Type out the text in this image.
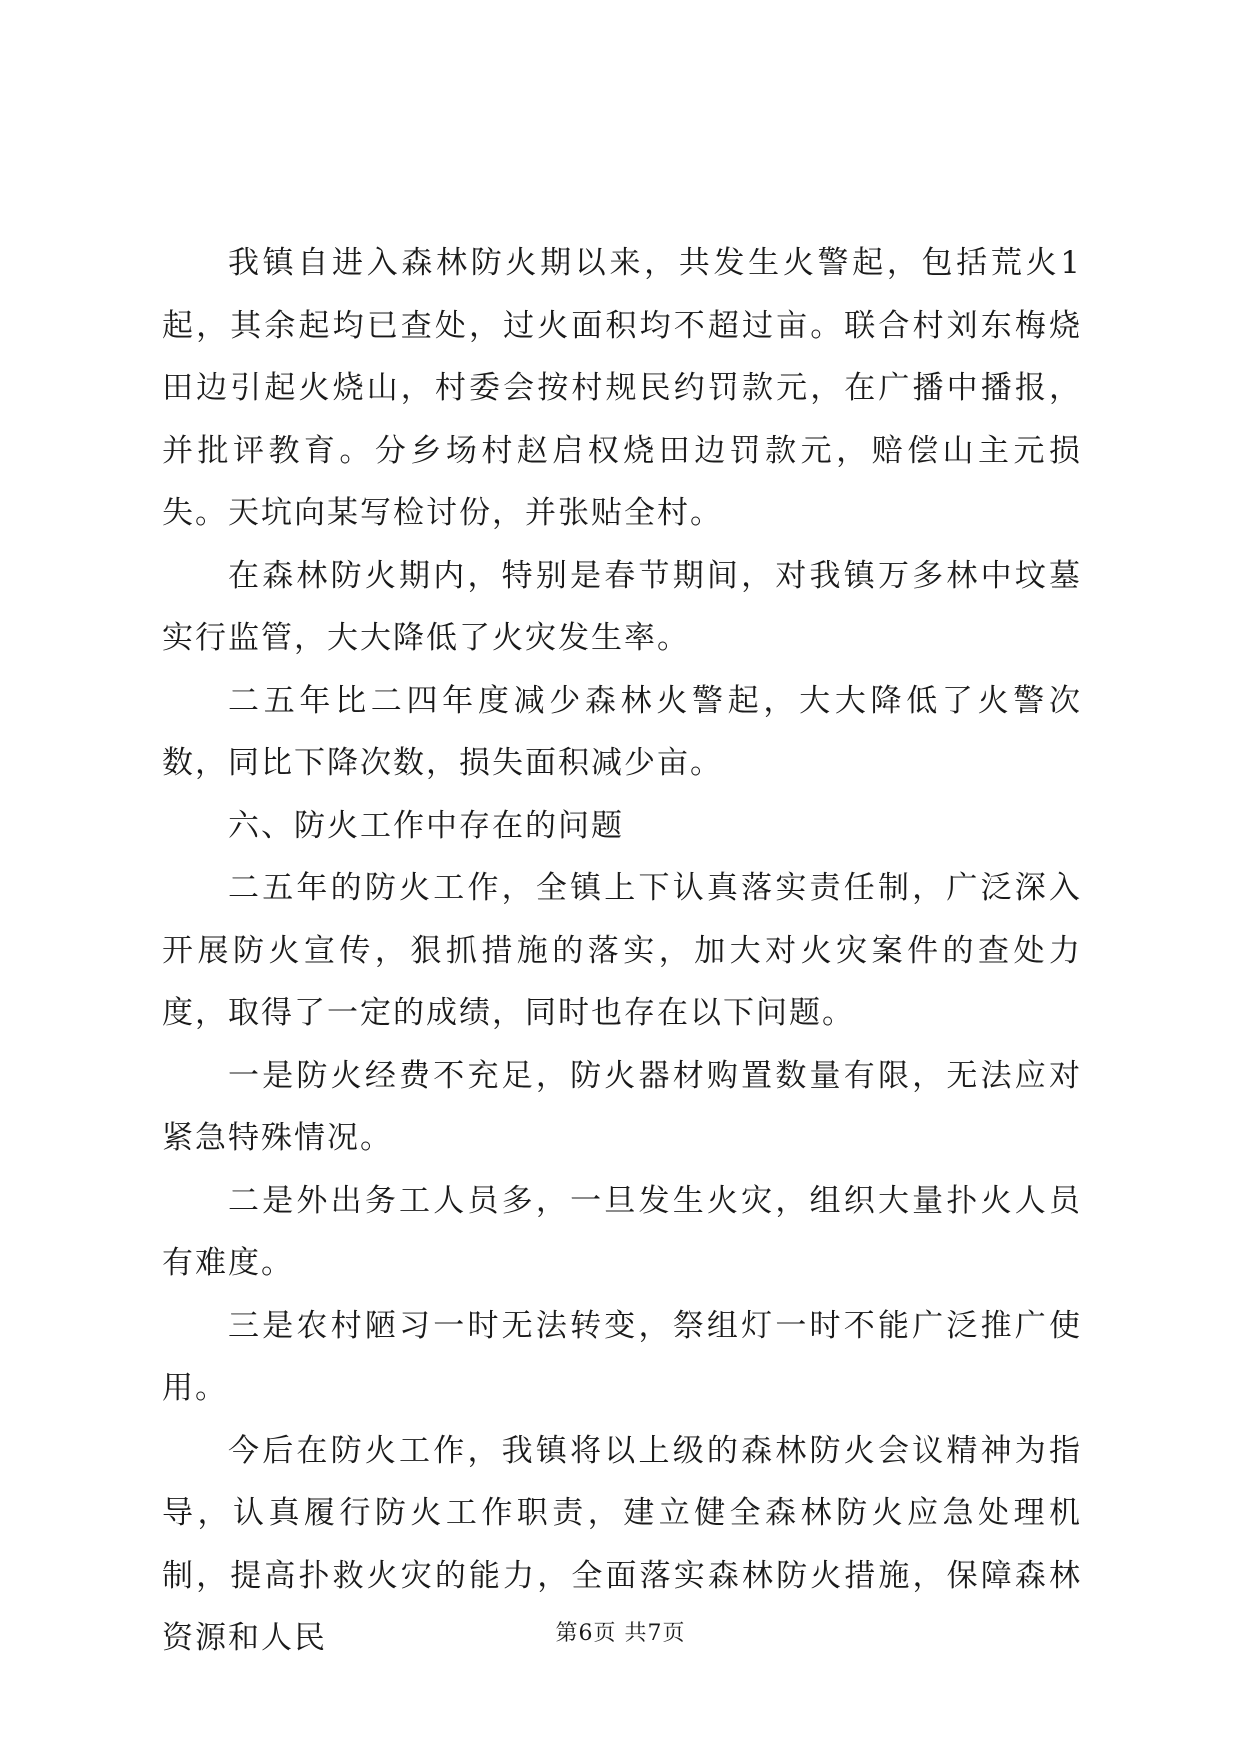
我镇自进入森林防火期以来，共发生火警起，包括荒火1起，其余起均已查处，过火面积均不超过亩。联合村刘东梅烧田边引起火烧山，村委会按村规民约罚款元，在广播中播报，并批评教育。分乡场村赵启权烧田边罚款元，赔偿山主元损失。天坑向某写检讨份，并张贴全村。

在森林防火期内，特别是春节期间，对我镇万多林中坟墓实行监管，大大降低了火灾发生率。

二五年比二四年度减少森林火警起，大大降低了火警次数，同比下降次数，损失面积减少亩。

六、防火工作中存在的问题

二五年的防火工作，全镇上下认真落实责任制，广泛深入开展防火宣传，狠抓措施的落实，加大对火灾案件的查处力度，取得了一定的成绩，同时也存在以下问题。

一是防火经费不充足，防火器材购置数量有限，无法应对紧急特殊情况。

二是外出务工人员多，一旦发生火灾，组织大量扑火人员有难度。

三是农村陋习一时无法转变，祭组灯一时不能广泛推广使用。

今后在防火工作，我镇将以上级的森林防火会议精神为指导，认真履行防火工作职责，建立健全森林防火应急处理机制，提高扑救火灾的能力，全面落实森林防火措施，保障森林资源和人民	第6页 共7页
